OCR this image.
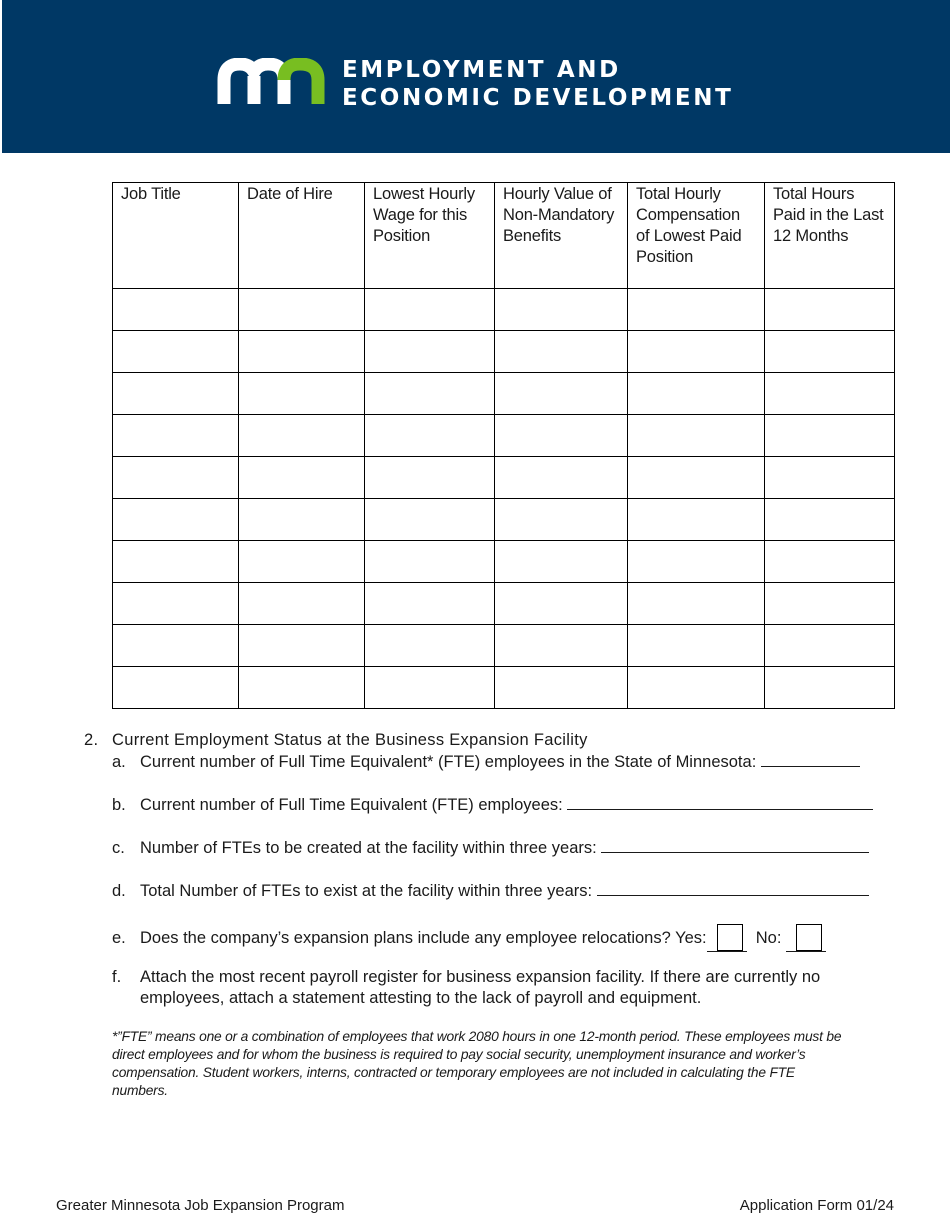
EMPLOYMENT AND
ECONOMIC DEVELOPMENT
Job Title	Date of Hire	Lowest Hourly Wage for this Position	Hourly Value of Non-Mandatory Benefits	Total Hourly Compensation of Lowest Paid Position	Total Hours Paid in the Last 12 Months

2. Current Employment Status at the Business Expansion Facility
a. Current number of Full Time Equivalent* (FTE) employees in the State of Minnesota:
b. Current number of Full Time Equivalent (FTE) employees:
c. Number of FTEs to be created at the facility within three years:
d. Total Number of FTEs to exist at the facility within three years:
e. Does the company’s expansion plans include any employee relocations? Yes:	No:
f. Attach the most recent payroll register for business expansion facility. If there are currently no
employees, attach a statement attesting to the lack of payroll and equipment.
*”FTE” means one or a combination of employees that work 2080 hours in one 12-month period. These employees must be
direct employees and for whom the business is required to pay social security, unemployment insurance and worker’s
compensation. Student workers, interns, contracted or temporary employees are not included in calculating the FTE
numbers.
Greater Minnesota Job Expansion Program	Application Form 01/24
